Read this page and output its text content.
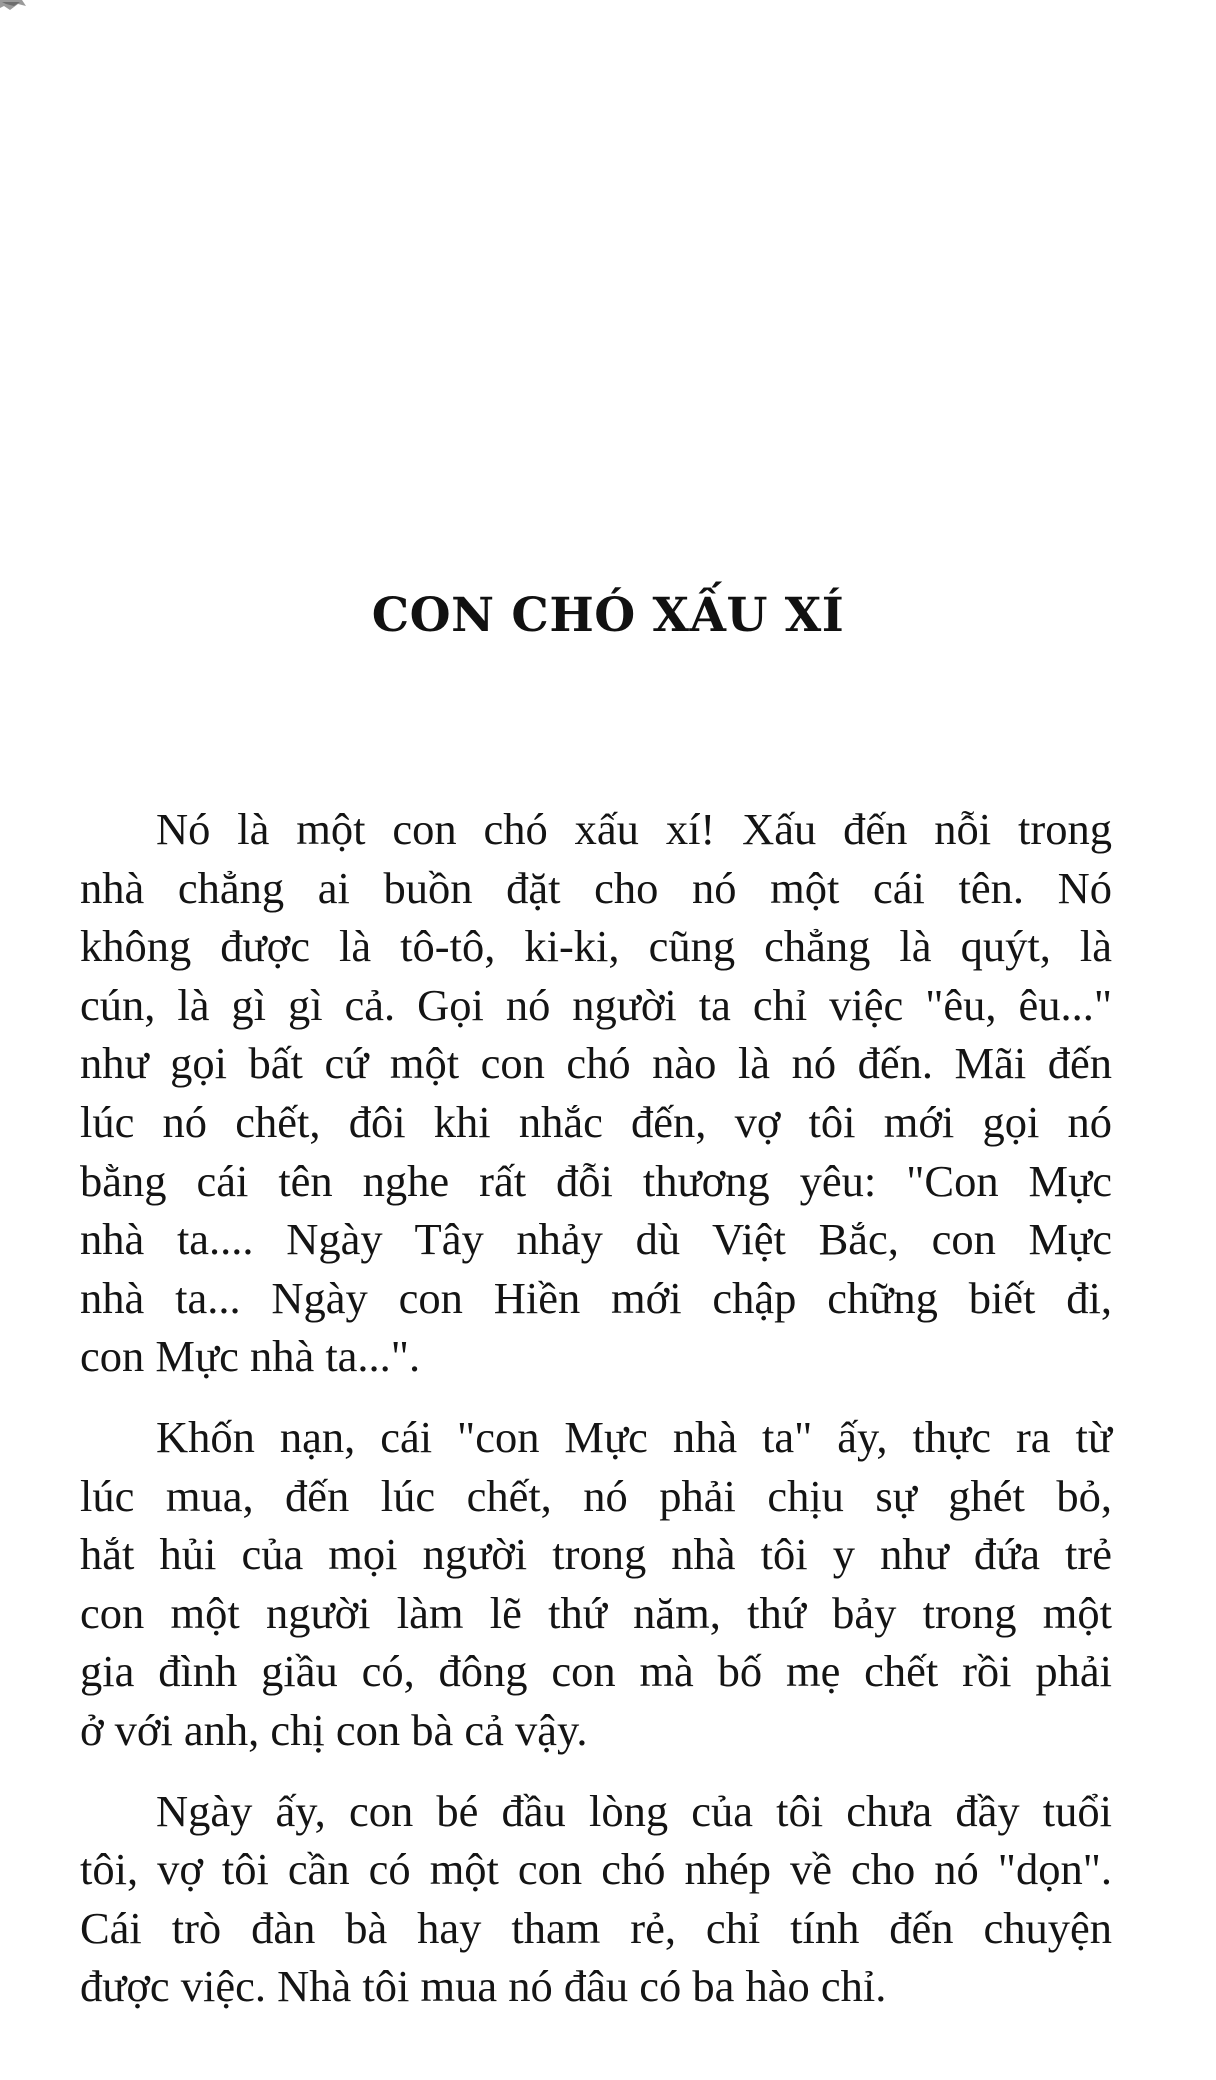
CON CHÓ XẤU XÍ
Nó là một con chó xấu xí! Xấu đến nỗi trong
nhà chẳng ai buồn đặt cho nó một cái tên. Nó
không được là tô-tô, ki-ki, cũng chẳng là quýt, là
cún, là gì gì cả. Gọi nó người ta chỉ việc "êu, êu..."
như gọi bất cứ một con chó nào là nó đến. Mãi đến
lúc nó chết, đôi khi nhắc đến, vợ tôi mới gọi nó
bằng cái tên nghe rất đỗi thương yêu: "Con Mực
nhà ta.... Ngày Tây nhảy dù Việt Bắc, con Mực
nhà ta... Ngày con Hiền mới chập chững biết đi,
con Mực nhà ta...".
Khốn nạn, cái "con Mực nhà ta" ấy, thực ra từ
lúc mua, đến lúc chết, nó phải chịu sự ghét bỏ,
hắt hủi của mọi người trong nhà tôi y như đứa trẻ
con một người làm lẽ thứ năm, thứ bảy trong một
gia đình giầu có, đông con mà bố mẹ chết rồi phải
ở với anh, chị con bà cả vậy.
Ngày ấy, con bé đầu lòng của tôi chưa đầy tuổi
tôi, vợ tôi cần có một con chó nhép về cho nó "dọn".
Cái trò đàn bà hay tham rẻ, chỉ tính đến chuyện
được việc. Nhà tôi mua nó đâu có ba hào chỉ.
